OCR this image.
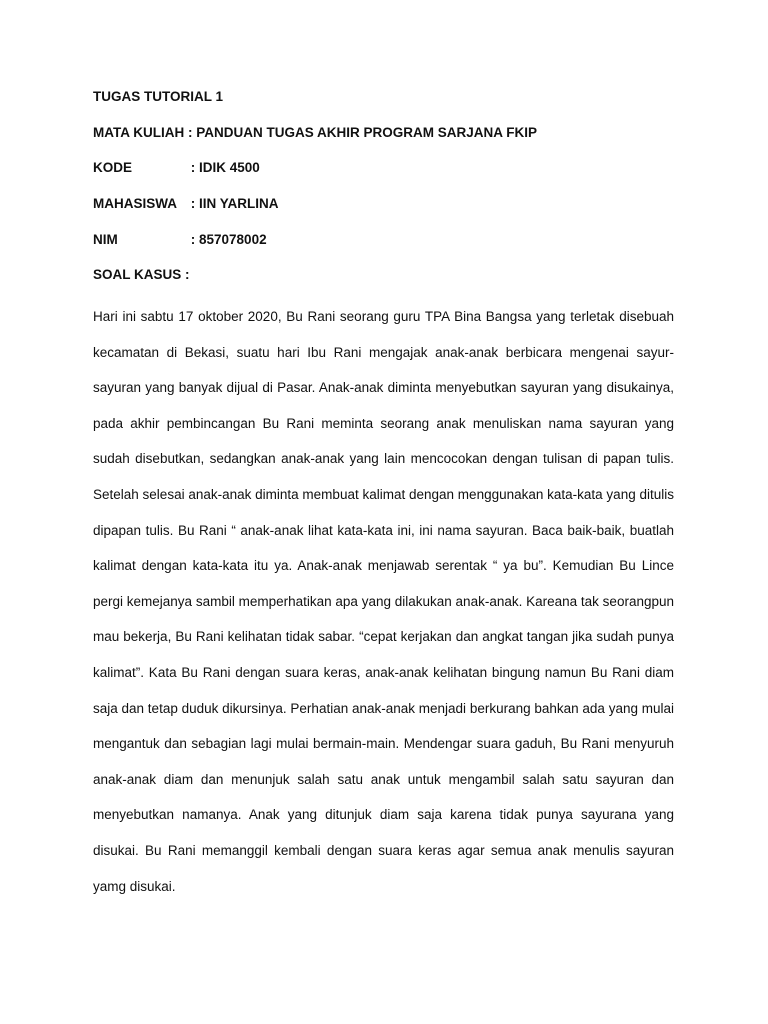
TUGAS TUTORIAL 1
MATA KULIAH : PANDUAN TUGAS AKHIR PROGRAM SARJANA FKIP
KODE	: IDIK 4500
MAHASISWA : IIN YARLINA
NIM	: 857078002
SOAL KASUS :

Hari ini sabtu 17 oktober 2020, Bu Rani seorang guru TPA Bina Bangsa yang terletak disebuah kecamatan di Bekasi, suatu hari Ibu Rani mengajak anak-anak berbicara mengenai sayur-sayuran yang banyak dijual di Pasar. Anak-anak diminta menyebutkan sayuran yang disukainya, pada akhir pembincangan Bu Rani meminta seorang anak menuliskan nama sayuran yang sudah disebutkan, sedangkan anak-anak yang lain mencocokan dengan tulisan di papan tulis. Setelah selesai anak-anak diminta membuat kalimat dengan menggunakan kata-kata yang ditulis dipapan tulis. Bu Rani “ anak-anak lihat kata-kata ini, ini nama sayuran. Baca baik-baik, buatlah kalimat dengan kata-kata itu ya. Anak-anak menjawab serentak “ ya bu”. Kemudian Bu Lince pergi kemejanya sambil memperhatikan apa yang dilakukan anak-anak. Kareana tak seorangpun mau bekerja, Bu Rani kelihatan tidak sabar. “cepat kerjakan dan angkat tangan jika sudah punya kalimat”. Kata Bu Rani dengan suara keras, anak-anak kelihatan bingung namun Bu Rani diam saja dan tetap duduk dikursinya. Perhatian anak-anak menjadi berkurang bahkan ada yang mulai mengantuk dan sebagian lagi mulai bermain-main. Mendengar suara gaduh, Bu Rani menyuruh anak-anak diam dan menunjuk salah satu anak untuk mengambil salah satu sayuran dan menyebutkan namanya. Anak yang ditunjuk diam saja karena tidak punya sayurana yang disukai. Bu Rani memanggil kembali dengan suara keras agar semua anak menulis sayuran yamg disukai.
